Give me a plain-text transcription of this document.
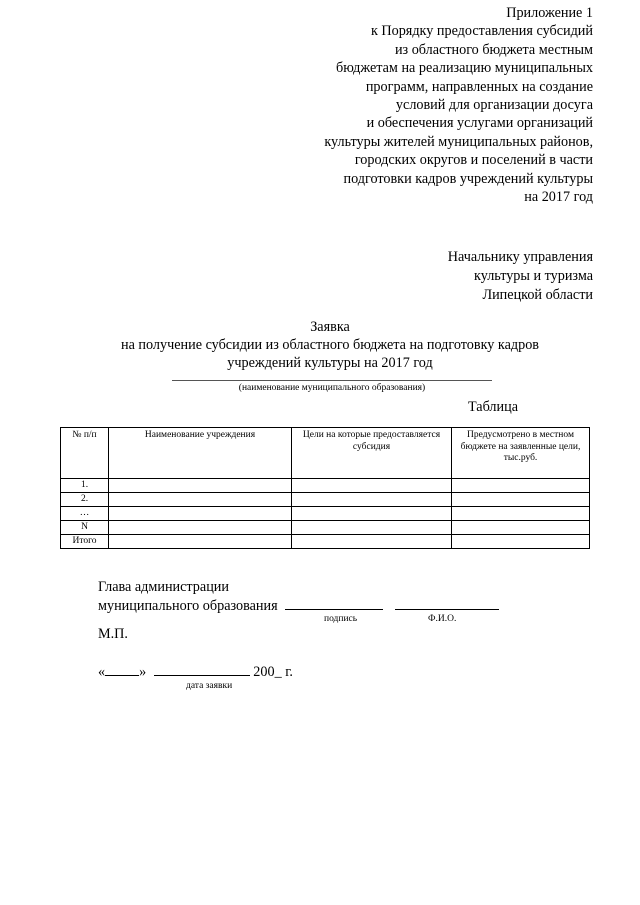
Приложение 1
к Порядку предоставления субсидий
из областного бюджета местным
бюджетам на реализацию муниципальных
программ, направленных на создание
условий для организации досуга
и обеспечения услугами организаций
культуры жителей муниципальных районов,
городских округов и поселений в части
подготовки кадров учреждений культуры
на 2017 год
Начальнику управления
культуры и туризма
Липецкой области
Заявка
на получение субсидии из областного бюджета на подготовку кадров
учреждений культуры на 2017 год
(наименование муниципального образования)
Таблица
№ п/п	Наименование учреждения	Цели на которые предоставляется субсидия	Предусмотрено в местном бюджете на заявленные цели, тыс.руб.
1.			
2.			
…			
N			
Итого			
Глава администрации
муниципального образования
подпись	Ф.И.О.
М.П.
« »	200_ г.
дата заявки
